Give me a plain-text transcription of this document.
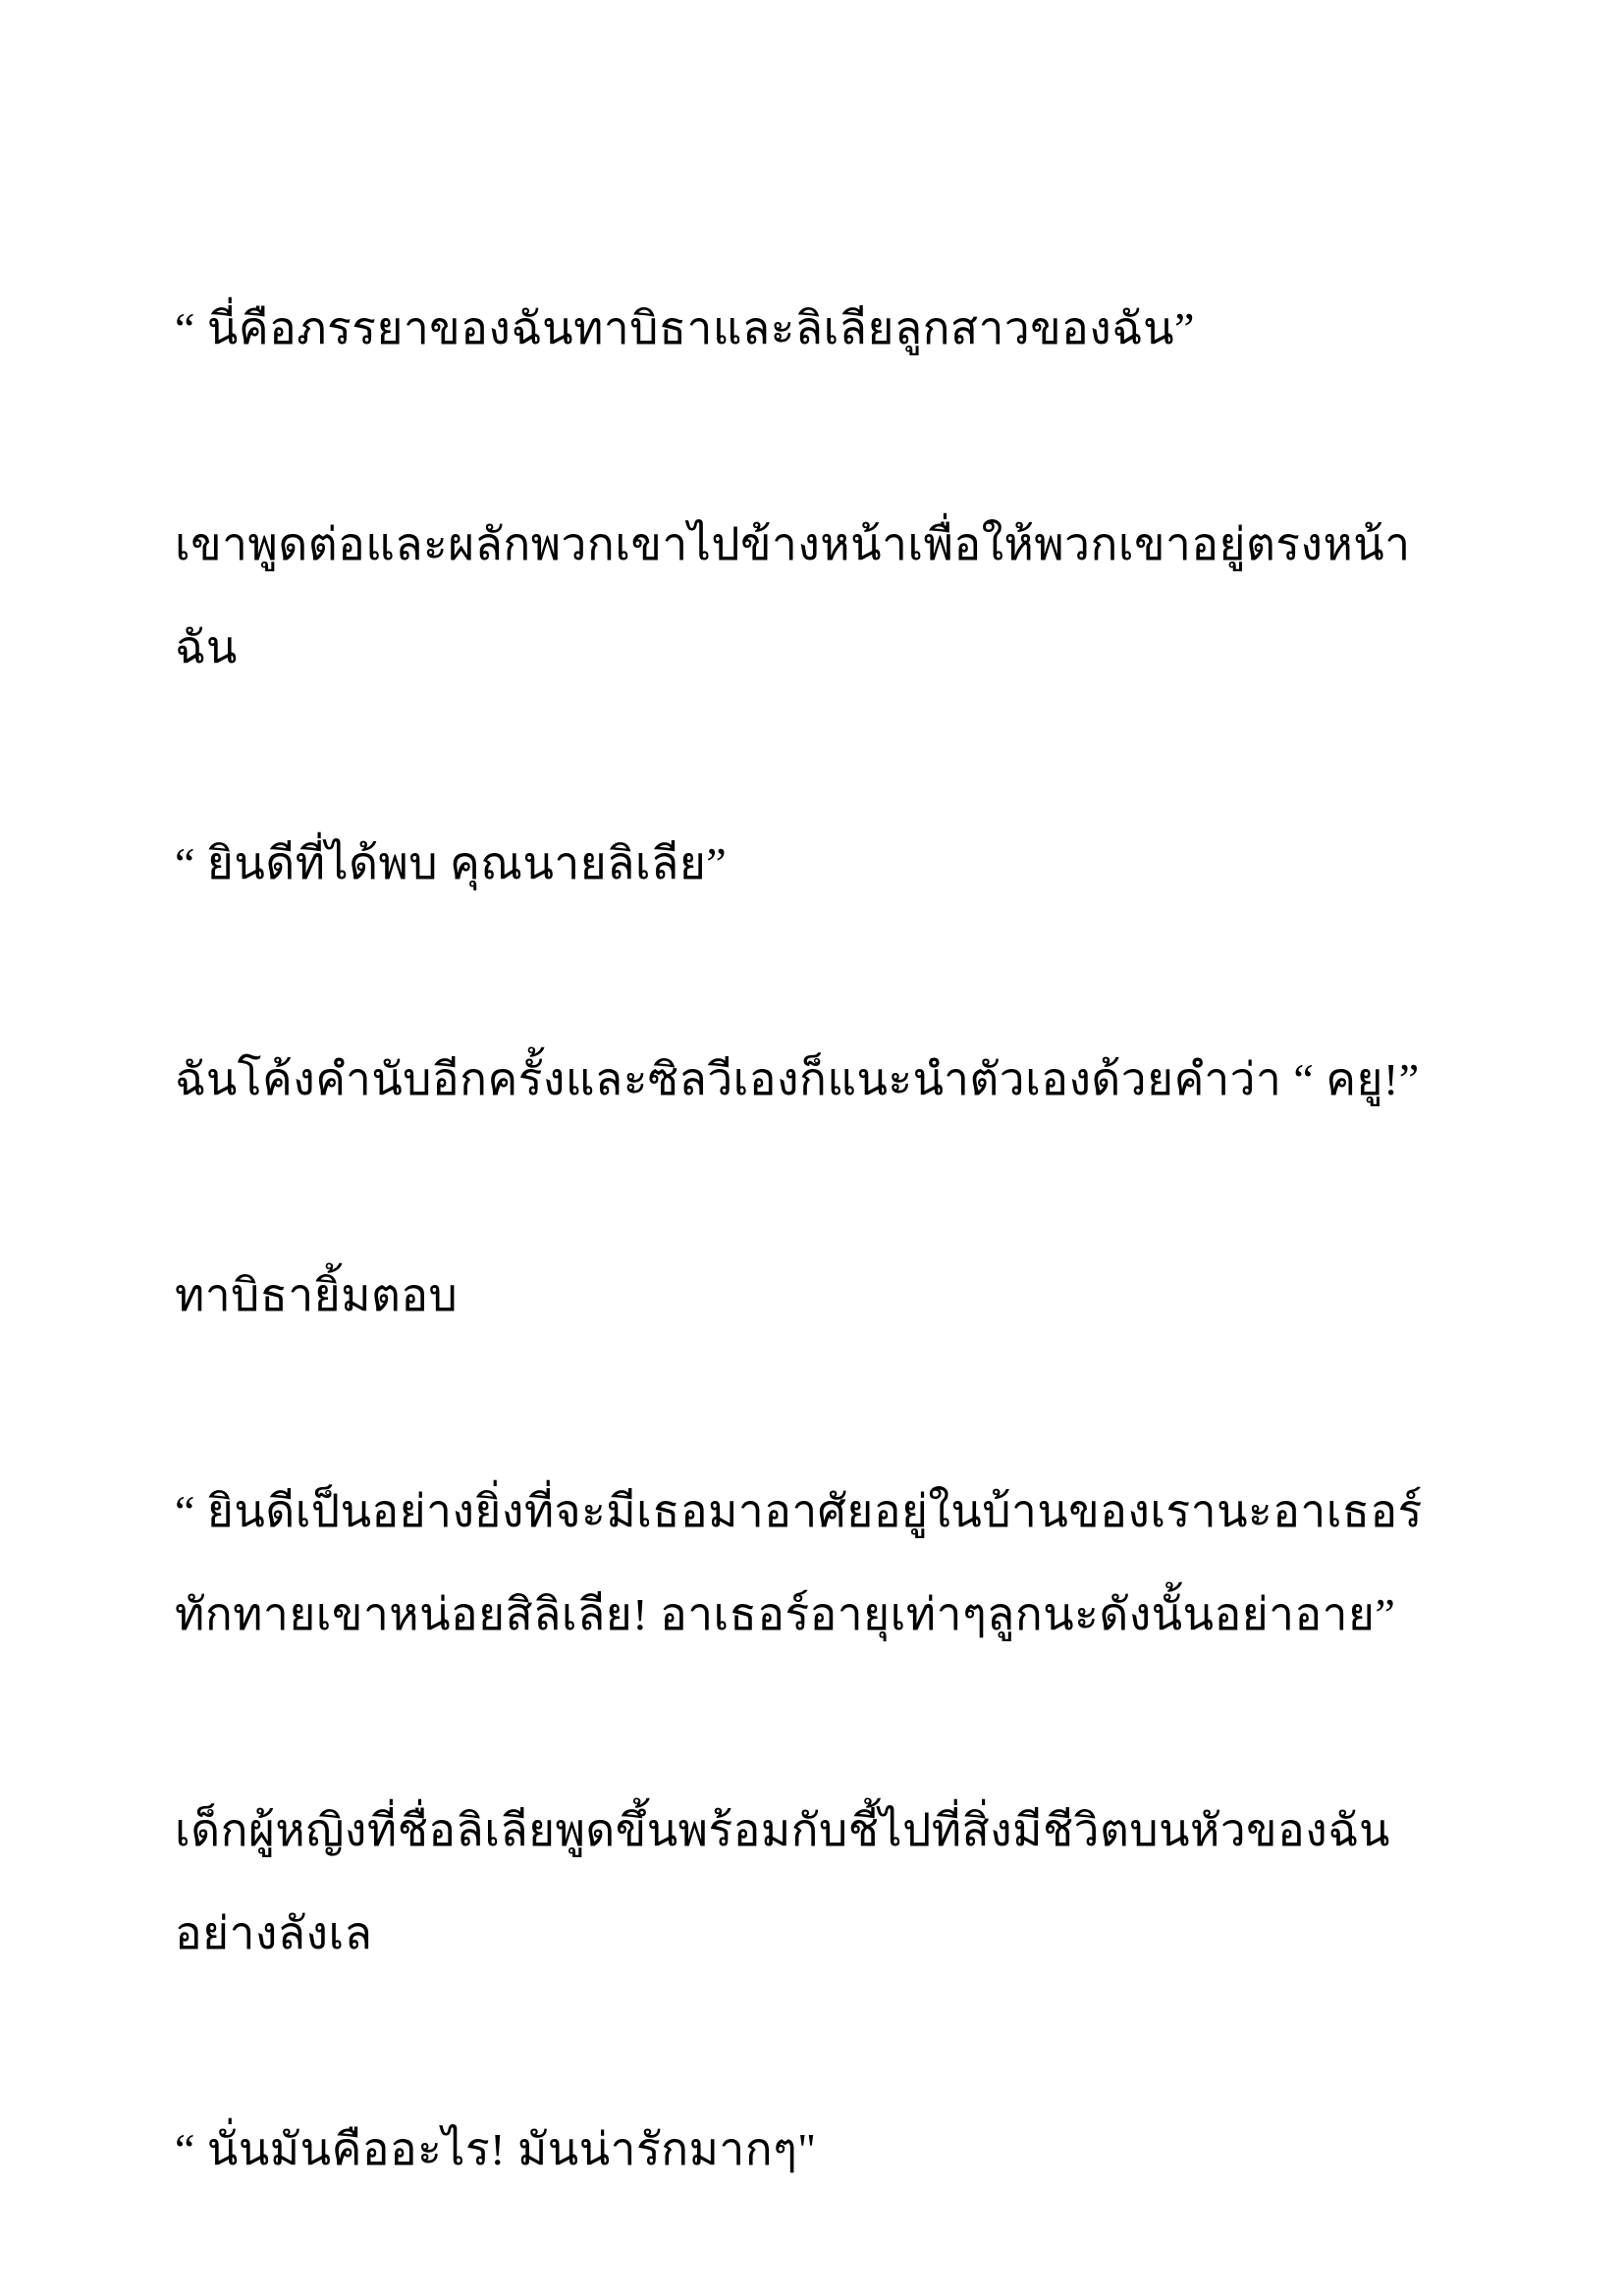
“ นี่คือภรรยาของฉันทาบิธาและลิเลียลูกสาวของฉัน”

เขาพูดต่อและผลักพวกเขาไปข้างหน้าเพื่อให้พวกเขาอยู่ตรงหน้าฉัน

“ ยินดีที่ได้พบ คุณนายลิเลีย”

ฉันโค้งคำนับอีกครั้งและซิลวีเองก็แนะนำตัวเองด้วยคำว่า “ คยู!”

ทาบิธายิ้มตอบ

“ ยินดีเป็นอย่างยิ่งที่จะมีเธอมาอาศัยอยู่ในบ้านของเรานะอาเธอร์ ทักทายเขาหน่อยสิลิเลีย! อาเธอร์อายุเท่าๆลูกนะดังนั้นอย่าอาย”

เด็กผู้หญิงที่ชื่อลิเลียพูดขึ้นพร้อมกับชี้ไปที่สิ่งมีชีวิตบนหัวของฉันอย่างลังเล

“ นั่นมันคืออะไร! มันน่ารักมากๆ"
